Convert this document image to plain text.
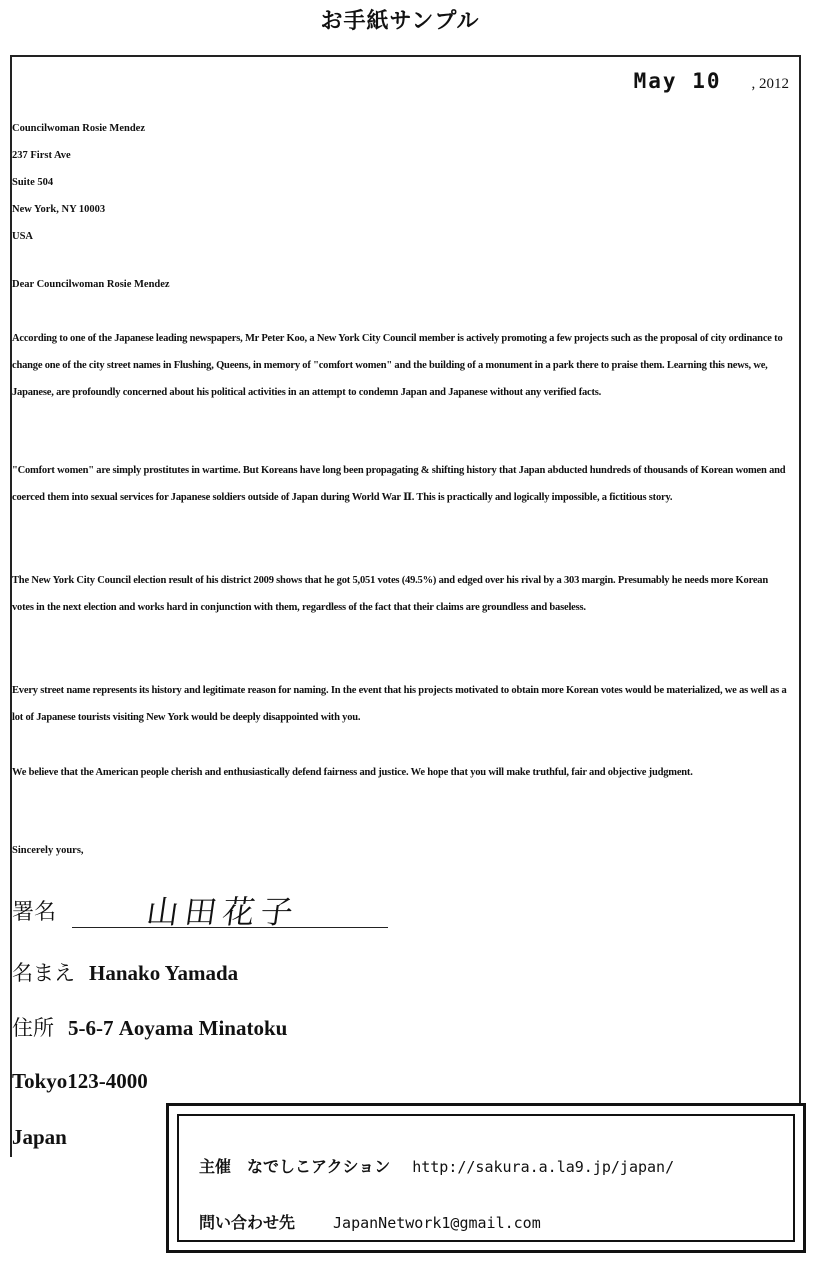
お手紙サンプル
May 10 , 2012
Councilwoman Rosie Mendez
237 First Ave
Suite 504
New York, NY 10003
USA
Dear Councilwoman Rosie Mendez
According to one of the Japanese leading newspapers, Mr Peter Koo, a New York City Council member is actively promoting a few projects such as the proposal of city ordinance to change one of the city street names in Flushing, Queens, in memory of "comfort women" and the building of a monument in a park there to praise them. Learning this news, we, Japanese, are profoundly concerned about his political activities in an attempt to condemn Japan and Japanese without any verified facts.
"Comfort women" are simply prostitutes in wartime. But Koreans have long been propagating & shifting history that Japan abducted hundreds of thousands of Korean women and coerced them into sexual services for Japanese soldiers outside of Japan during World War Ⅱ. This is practically and logically impossible, a fictitious story.
The New York City Council election result of his district 2009 shows that he got 5,051 votes (49.5%) and edged over his rival by a 303 margin. Presumably he needs more Korean votes in the next election and works hard in conjunction with them, regardless of the fact that their claims are groundless and baseless.
Every street name represents its history and legitimate reason for naming. In the event that his projects motivated to obtain more Korean votes would be materialized, we as well as a lot of Japanese tourists visiting New York would be deeply disappointed with you.
We believe that the American people cherish and enthusiastically defend fairness and justice. We hope that you will make truthful, fair and objective judgment.
Sincerely yours,
署名	山田花子
名まえ Hanako Yamada
住所 5-6-7 Aoyama Minatoku
Tokyo123-4000
Japan
主催 なでしこアクション http://sakura.a.la9.jp/japan/
問い合わせ先	JapanNetwork1@gmail.com
